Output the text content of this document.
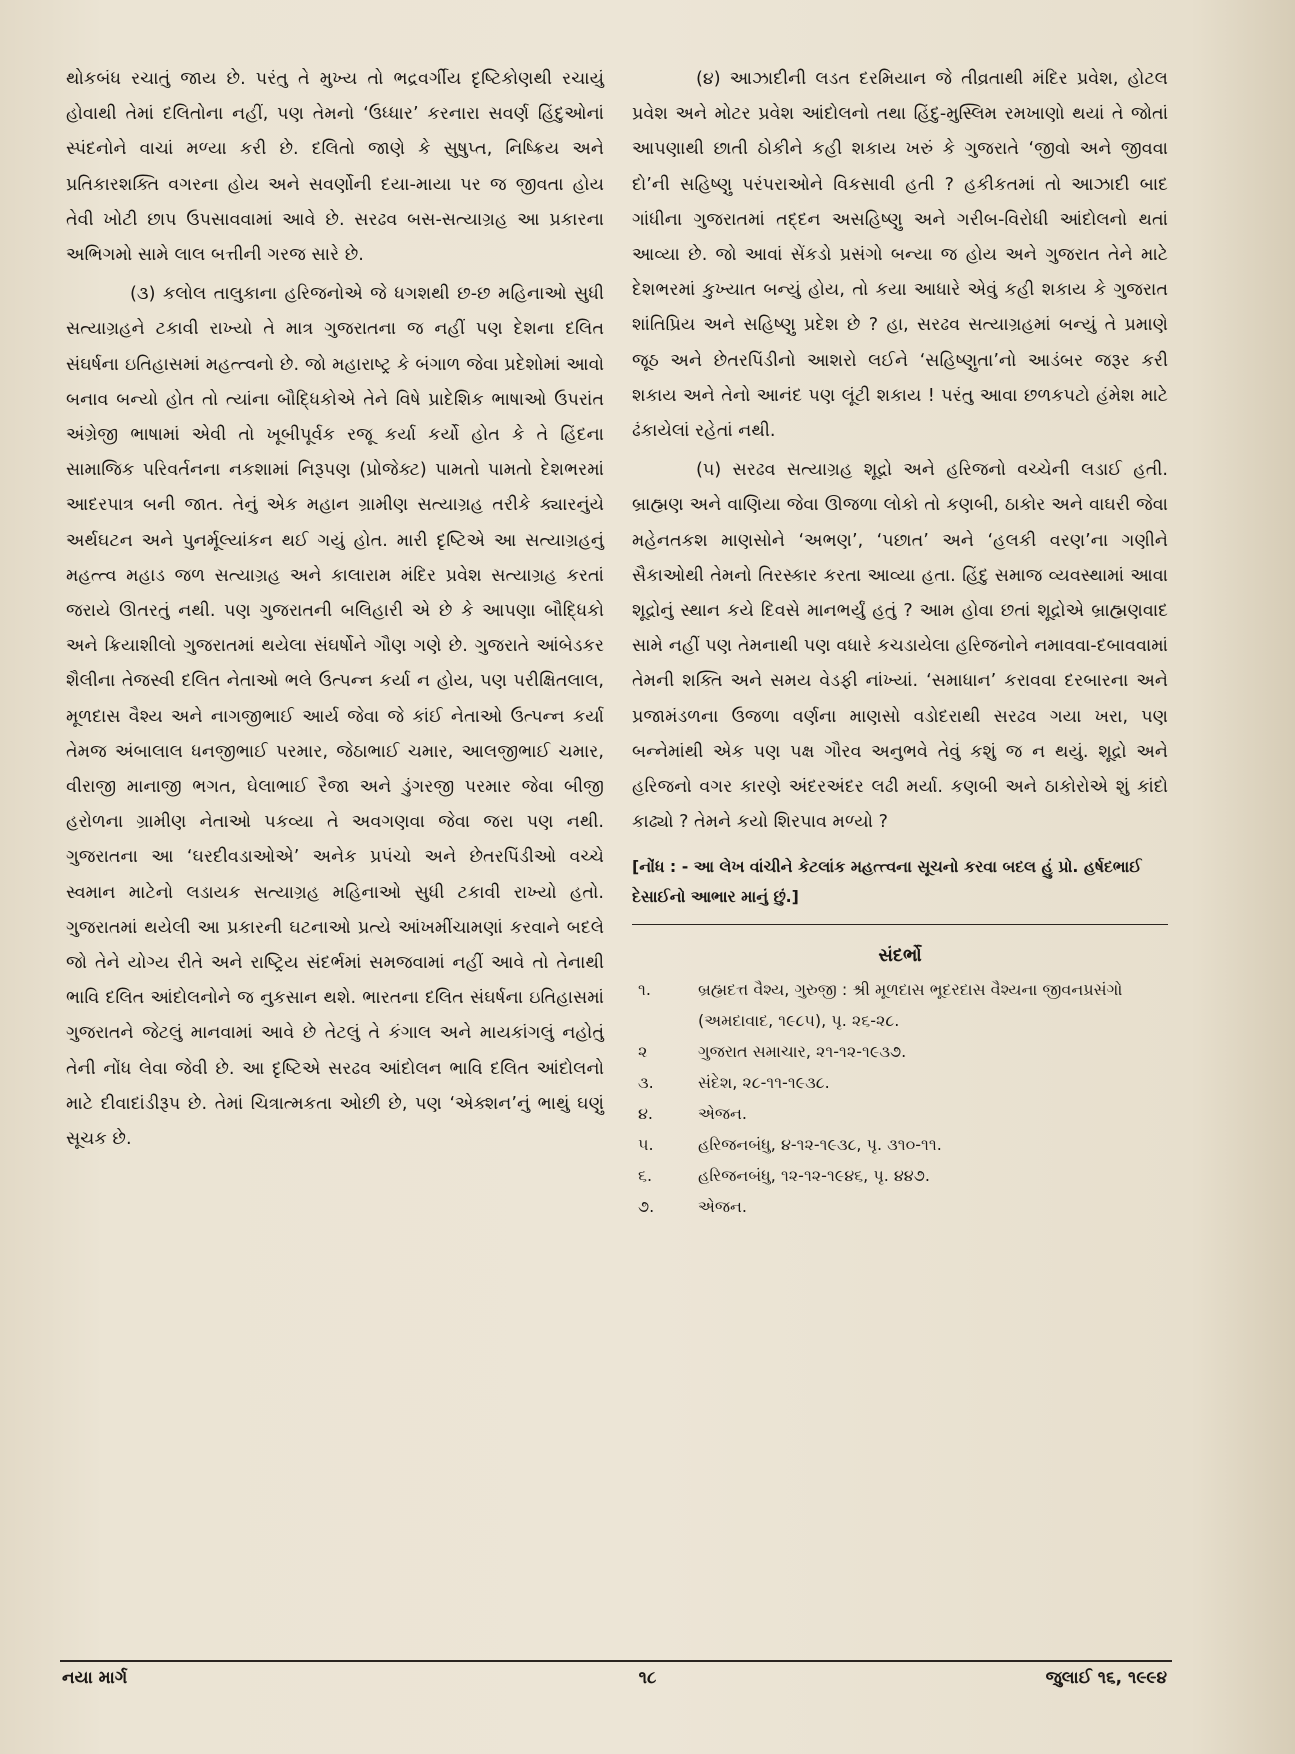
થોકબંધ રચાતું જાય છે. પરંતુ તે મુખ્ય તો ભદ્રવર્ગીય દૃષ્ટિકોણથી રચાયું હોવાથી તેમાં દલિતોના નહીં, પણ તેમનો ‘ઉધ્ધાર’ કરનારા સવર્ણ હિંદુઓનાં સ્પંદનોને વાચાં મળ્યા કરી છે. દલિતો જાણે કે સુષુપ્ત, નિષ્ક્રિય અને પ્રતિકારશક્તિ વગરના હોય અને સવર્ણોની દયા-માયા પર જ જીવતા હોય તેવી ખોટી છાપ ઉપસાવવામાં આવે છે. સરઢવ બસ-સત્યાગ્રહ આ પ્રકારના અભિગમો સામે લાલ બત્તીની ગરજ સારે છે.

(૩) કલોલ તાલુકાના હરિજનોએ જે ધગશથી છ-છ મહિનાઓ સુધી સત્યાગ્રહને ટકાવી રાખ્યો તે માત્ર ગુજરાતના જ નહીં પણ દેશના દલિત સંઘર્ષના ઇતિહાસમાં મહત્ત્વનો છે. જો મહારાષ્ટ્ર કે બંગાળ જેવા પ્રદેશોમાં આવો બનાવ બન્યો હોત તો ત્યાંના બૌદ્ધિકોએ તેને વિષે પ્રાદેશિક ભાષાઓ ઉપરાંત અંગ્રેજી ભાષામાં એવી તો ખૂબીપૂર્વક રજૂ કર્યા કર્યો હોત કે તે હિંદના સામાજિક પરિવર્તનના નકશામાં નિરૂપણ (પ્રોજેક્ટ) પામતો પામતો દેશભરમાં આદરપાત્ર બની જાત. તેનું એક મહાન ગ્રામીણ સત્યાગ્રહ તરીકે ક્યારનુંયે અર્થઘટન અને પુનર્મૂલ્યાંકન થઈ ગયું હોત. મારી દૃષ્ટિએ આ સત્યાગ્રહનું મહત્ત્વ મહાડ જળ સત્યાગ્રહ અને કાલારામ મંદિર પ્રવેશ સત્યાગ્રહ કરતાં જરાયે ઊતરતું નથી. પણ ગુજરાતની બલિહારી એ છે કે આપણા બૌદ્ધિકો અને ક્રિયાશીલો ગુજરાતમાં થયેલા સંઘર્ષોને ગૌણ ગણે છે. ગુજરાતે આંબેડકર શૈલીના તેજસ્વી દલિત નેતાઓ ભલે ઉત્પન્ન કર્યા ન હોય, પણ પરીક્ષિતલાલ, મૂળદાસ વૈશ્ય અને નાગજીભાઈ આર્ય જેવા જે કાંઈ નેતાઓ ઉત્પન્ન કર્યા તેમજ અંબાલાલ ધનજીભાઈ પરમાર, જેઠાભાઈ ચમાર, આલજીભાઈ ચમાર, વીરાજી માનાજી ભગત, ઘેલાભાઈ રૈજા અને ડુંગરજી પરમાર જેવા બીજી હરોળના ગ્રામીણ નેતાઓ પકવ્યા તે અવગણવા જેવા જરા પણ નથી. ગુજરાતના આ ‘ઘરદીવડાઓએ’ અનેક પ્રપંચો અને છેતરપિંડીઓ વચ્ચે સ્વમાન માટેનો લડાયક સત્યાગ્રહ મહિનાઓ સુધી ટકાવી રાખ્યો હતો. ગુજરાતમાં થયેલી આ પ્રકારની ઘટનાઓ પ્રત્યે આંખમીંચામણાં કરવાને બદલે જો તેને યોગ્ય રીતે અને રાષ્ટ્રિય સંદર્ભમાં સમજવામાં નહીં આવે તો તેનાથી ભાવિ દલિત આંદોલનોને જ નુકસાન થશે. ભારતના દલિત સંઘર્ષના ઇતિહાસમાં ગુજરાતને જેટલું માનવામાં આવે છે તેટલું તે કંગાલ અને માયકાંગલું નહોતું તેની નોંધ લેવા જેવી છે. આ દૃષ્ટિએ સરઢવ આંદોલન ભાવિ દલિત આંદોલનો માટે દીવાદાંડીરૂપ છે. તેમાં ચિત્રાત્મકતા ઓછી છે, પણ ‘એક્શન’નું ભાથું ઘણું સૂચક છે.

(૪) આઝાદીની લડત દરમિયાન જે તીવ્રતાથી મંદિર પ્રવેશ, હોટલ પ્રવેશ અને મોટર પ્રવેશ આંદોલનો તથા હિંદુ-મુસ્લિમ રમખાણો થયાં તે જોતાં આપણાથી છાતી ઠોકીને કહી શકાય ખરું કે ગુજરાતે ‘જીવો અને જીવવા દો’ની સહિષ્ણુ પરંપરાઓને વિકસાવી હતી ? હકીકતમાં તો આઝાદી બાદ ગાંધીના ગુજરાતમાં તદ્દન અસહિષ્ણુ અને ગરીબ-વિરોધી આંદોલનો થતાં આવ્યા છે. જો આવાં સેંકડો પ્રસંગો બન્યા જ હોય અને ગુજરાત તેને માટે દેશભરમાં કુખ્યાત બન્યું હોય, તો કયા આધારે એવું કહી શકાય કે ગુજરાત શાંતિપ્રિય અને સહિષ્ણુ પ્રદેશ છે ? હા, સરઢવ સત્યાગ્રહમાં બન્યું તે પ્રમાણે જૂઠ અને છેતરપિંડીનો આશરો લઈને ‘સહિષ્ણુતા’નો આડંબર જરૂર કરી શકાય અને તેનો આનંદ પણ લૂંટી શકાય ! પરંતુ આવા છળકપટો હંમેશ માટે ઢંકાયેલાં રહેતાં નથી.

(૫) સરઢવ સત્યાગ્રહ શૂદ્રો અને હરિજનો વચ્ચેની લડાઈ હતી. બ્રાહ્મણ અને વાણિયા જેવા ઊજળા લોકો તો કણબી, ઠાકોર અને વાઘરી જેવા મહેનતકશ માણસોને ‘અભણ’, ‘પછાત’ અને ‘હલકી વરણ’ના ગણીને સૈકાઓથી તેમનો તિરસ્કાર કરતા આવ્યા હતા. હિંદુ સમાજ વ્યવસ્થામાં આવા શૂદ્રોનું સ્થાન કયે દિવસે માનભર્યું હતું ? આમ હોવા છતાં શૂદ્રોએ બ્રાહ્મણવાદ સામે નહીં પણ તેમનાથી પણ વધારે કચડાયેલા હરિજનોને નમાવવા-દબાવવામાં તેમની શક્તિ અને સમય વેડફી નાંખ્યાં. ‘સમાધાન’ કરાવવા દરબારના અને પ્રજામંડળના ઉજળા વર્ણના માણસો વડોદરાથી સરઢવ ગયા ખરા, પણ બન્નેમાંથી એક પણ પક્ષ ગૌરવ અનુભવે તેવું કશું જ ન થયું. શૂદ્રો અને હરિજનો વગર કારણે અંદરઅંદર લઢી મર્યા. કણબી અને ઠાકોરોએ શું કાંદો કાઢ્યો ? તેમને કયો શિરપાવ મળ્યો ?

[નોંધ : - આ લેખ વાંચીને કેટલાંક મહત્ત્વના સૂચનો કરવા બદલ હું પ્રો. હર્ષદભાઈ દેસાઈનો આભાર માનું છું.]
સંદર્ભો
૧.	બ્રહ્મદત્ત વૈશ્ય, ગુરુજી : શ્રી મૂળદાસ ભૂદરદાસ વૈશ્યના જીવનપ્રસંગો (અમદાવાદ, ૧૯૮૫), પૃ. ૨૬-૨૮.
૨	ગુજરાત સમાચાર, ૨૧-૧૨-૧૯૩૭.
૩.	સંદેશ, ૨૮-૧૧-૧૯૩૮.
૪.	એજન.
૫.	હરિજનબંધુ, ૪-૧૨-૧૯૩૮, પૃ. ૩૧૦-૧૧.
૬.	હરિજનબંધુ, ૧૨-૧૨-૧૯૪૬, પૃ. ૪૪૭.
૭.	એજન.
નયા માર્ગ	૧૮	જુલાઈ ૧૬, ૧૯૯૪
